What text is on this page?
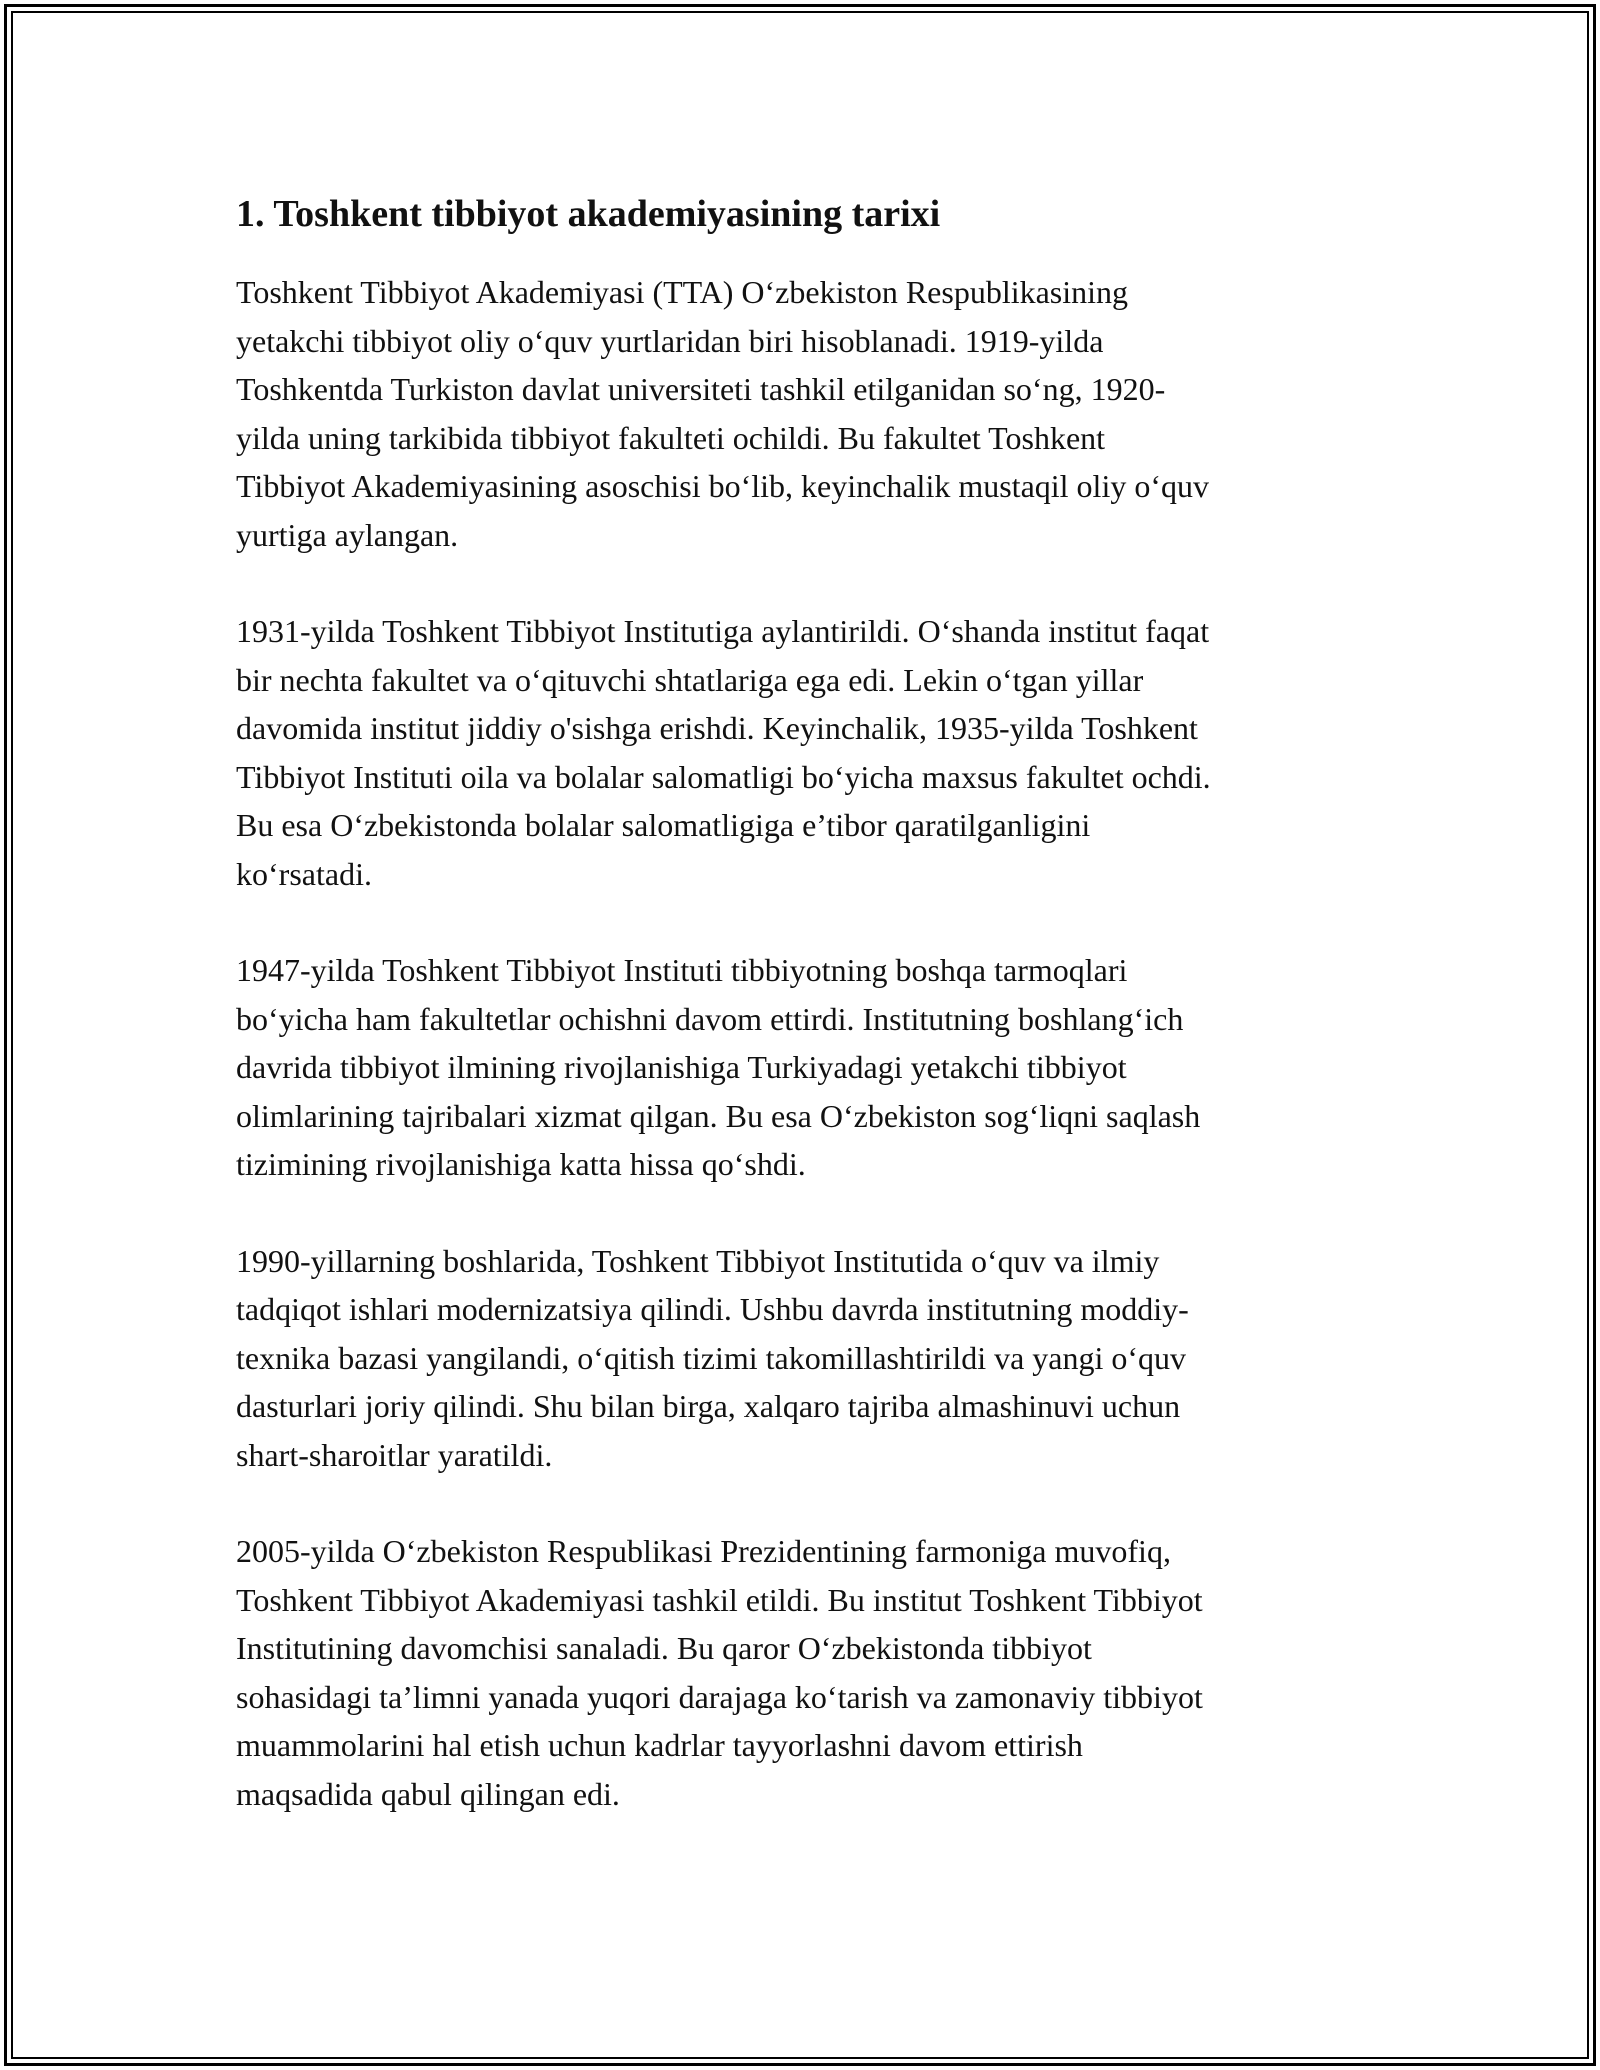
1. Toshkent tibbiyot akademiyasining tarixi

Toshkent Tibbiyot Akademiyasi (TTA) O‘zbekiston Respublikasining
yetakchi tibbiyot oliy o‘quv yurtlaridan biri hisoblanadi. 1919-yilda
Toshkentda Turkiston davlat universiteti tashkil etilganidan so‘ng, 1920-
yilda uning tarkibida tibbiyot fakulteti ochildi. Bu fakultet Toshkent
Tibbiyot Akademiyasining asoschisi bo‘lib, keyinchalik mustaqil oliy o‘quv
yurtiga aylangan.

1931-yilda Toshkent Tibbiyot Institutiga aylantirildi. O‘shanda institut faqat
bir nechta fakultet va o‘qituvchi shtatlariga ega edi. Lekin o‘tgan yillar
davomida institut jiddiy o'sishga erishdi. Keyinchalik, 1935-yilda Toshkent
Tibbiyot Instituti oila va bolalar salomatligi bo‘yicha maxsus fakultet ochdi.
Bu esa O‘zbekistonda bolalar salomatligiga e’tibor qaratilganligini
ko‘rsatadi.

1947-yilda Toshkent Tibbiyot Instituti tibbiyotning boshqa tarmoqlari
bo‘yicha ham fakultetlar ochishni davom ettirdi. Institutning boshlang‘ich
davrida tibbiyot ilmining rivojlanishiga Turkiyadagi yetakchi tibbiyot
olimlarining tajribalari xizmat qilgan. Bu esa O‘zbekiston sog‘liqni saqlash
tizimining rivojlanishiga katta hissa qo‘shdi.

1990-yillarning boshlarida, Toshkent Tibbiyot Institutida o‘quv va ilmiy
tadqiqot ishlari modernizatsiya qilindi. Ushbu davrda institutning moddiy-
texnika bazasi yangilandi, o‘qitish tizimi takomillashtirildi va yangi o‘quv
dasturlari joriy qilindi. Shu bilan birga, xalqaro tajriba almashinuvi uchun
shart-sharoitlar yaratildi.

2005-yilda O‘zbekiston Respublikasi Prezidentining farmoniga muvofiq,
Toshkent Tibbiyot Akademiyasi tashkil etildi. Bu institut Toshkent Tibbiyot
Institutining davomchisi sanaladi. Bu qaror O‘zbekistonda tibbiyot
sohasidagi ta’limni yanada yuqori darajaga ko‘tarish va zamonaviy tibbiyot
muammolarini hal etish uchun kadrlar tayyorlashni davom ettirish
maqsadida qabul qilingan edi.
